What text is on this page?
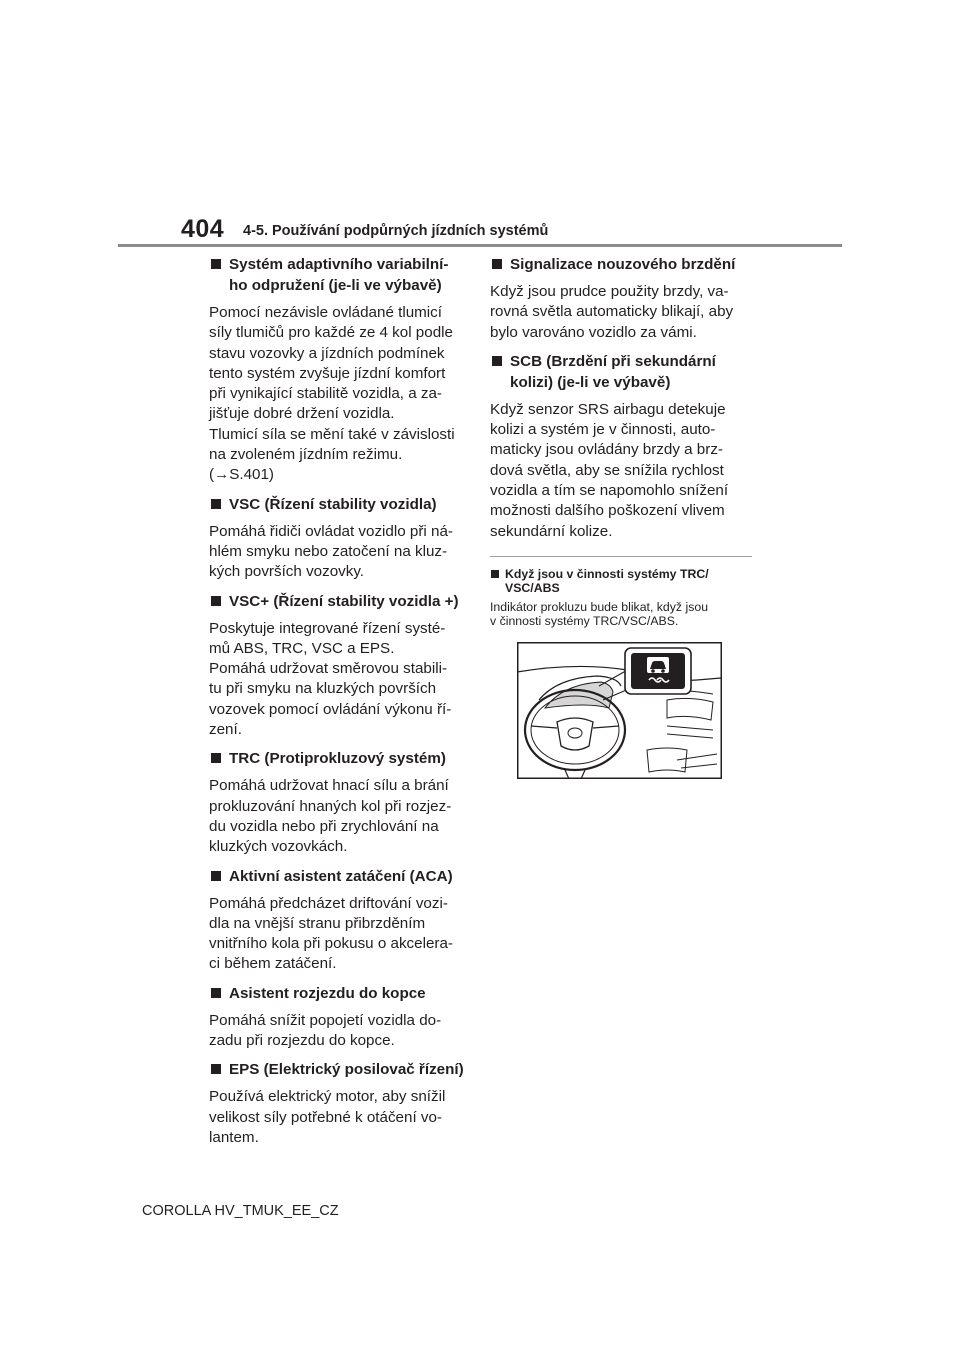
404 4-5. Používání podpůrných jízdních systémů
Systém adaptivního variabilní-
ho odpružení (je-li ve výbavě)
Pomocí nezávisle ovládané tlumicí
síly tlumičů pro každé ze 4 kol podle
stavu vozovky a jízdních podmínek
tento systém zvyšuje jízdní komfort
při vynikající stabilitě vozidla, a za-
jišťuje dobré držení vozidla.
Tlumicí síla se mění také v závislosti
na zvoleném jízdním režimu.
(→S.401)
VSC (Řízení stability vozidla)
Pomáhá řidiči ovládat vozidlo při ná-
hlém smyku nebo zatočení na kluz-
kých površích vozovky.
VSC+ (Řízení stability vozidla +)
Poskytuje integrované řízení systé-
mů ABS, TRC, VSC a EPS.
Pomáhá udržovat směrovou stabili-
tu při smyku na kluzkých površích
vozovek pomocí ovládání výkonu ří-
zení.
TRC (Protiprokluzový systém)
Pomáhá udržovat hnací sílu a brání
prokluzování hnaných kol při rozjez-
du vozidla nebo při zrychlování na
kluzkých vozovkách.
Aktivní asistent zatáčení (ACA)
Pomáhá předcházet driftování vozi-
dla na vnější stranu přibrzděním
vnitřního kola při pokusu o akcelera-
ci během zatáčení.
Asistent rozjezdu do kopce
Pomáhá snížit popojetí vozidla do-
zadu při rozjezdu do kopce.
EPS (Elektrický posilovač řízení)
Používá elektrický motor, aby snížil
velikost síly potřebné k otáčení vo-
lantem.
Signalizace nouzového brzdění
Když jsou prudce použity brzdy, va-
rovná světla automaticky blikají, aby
bylo varováno vozidlo za vámi.
SCB (Brzdění při sekundární
kolizi) (je-li ve výbavě)
Když senzor SRS airbagu detekuje
kolizi a systém je v činnosti, auto-
maticky jsou ovládány brzdy a brz-
dová světla, aby se snížila rychlost
vozidla a tím se napomohlo snížení
možnosti dalšího poškození vlivem
sekundární kolize.
Když jsou v činnosti systémy TRC/
VSC/ABS
Indikátor prokluzu bude blikat, když jsou
v činnosti systémy TRC/VSC/ABS.
COROLLA HV_TMUK_EE_CZ
